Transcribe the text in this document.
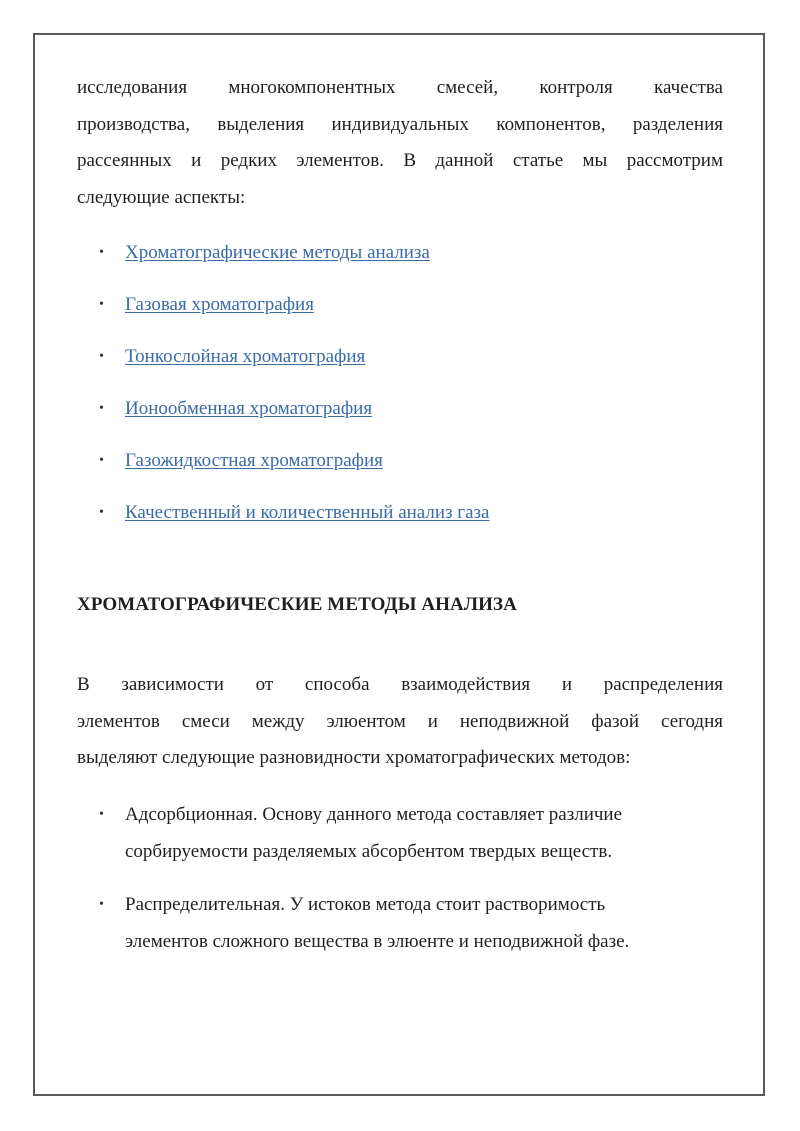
исследования многокомпонентных смесей, контроля качества

производства, выделения индивидуальных компонентов, разделения

рассеянных и редких элементов. В данной статье мы рассмотрим

следующие аспекты:

• Хроматографические методы анализа
• Газовая хроматография
• Тонкослойная хроматография
• Ионообменная хроматография
• Газожидкостная хроматография
• Качественный и количественный анализ газа
ХРОМАТОГРАФИЧЕСКИЕ МЕТОДЫ АНАЛИЗА

В зависимости от способа взаимодействия и распределения

элементов смеси между элюентом и неподвижной фазой сегодня

выделяют следующие разновидности хроматографических методов:

• Адсорбционная. Основу данного метода составляет различие
сорбируемости разделяемых абсорбентом твердых веществ.
• Распределительная. У истоков метода стоит растворимость
элементов сложного вещества в элюенте и неподвижной фазе.
